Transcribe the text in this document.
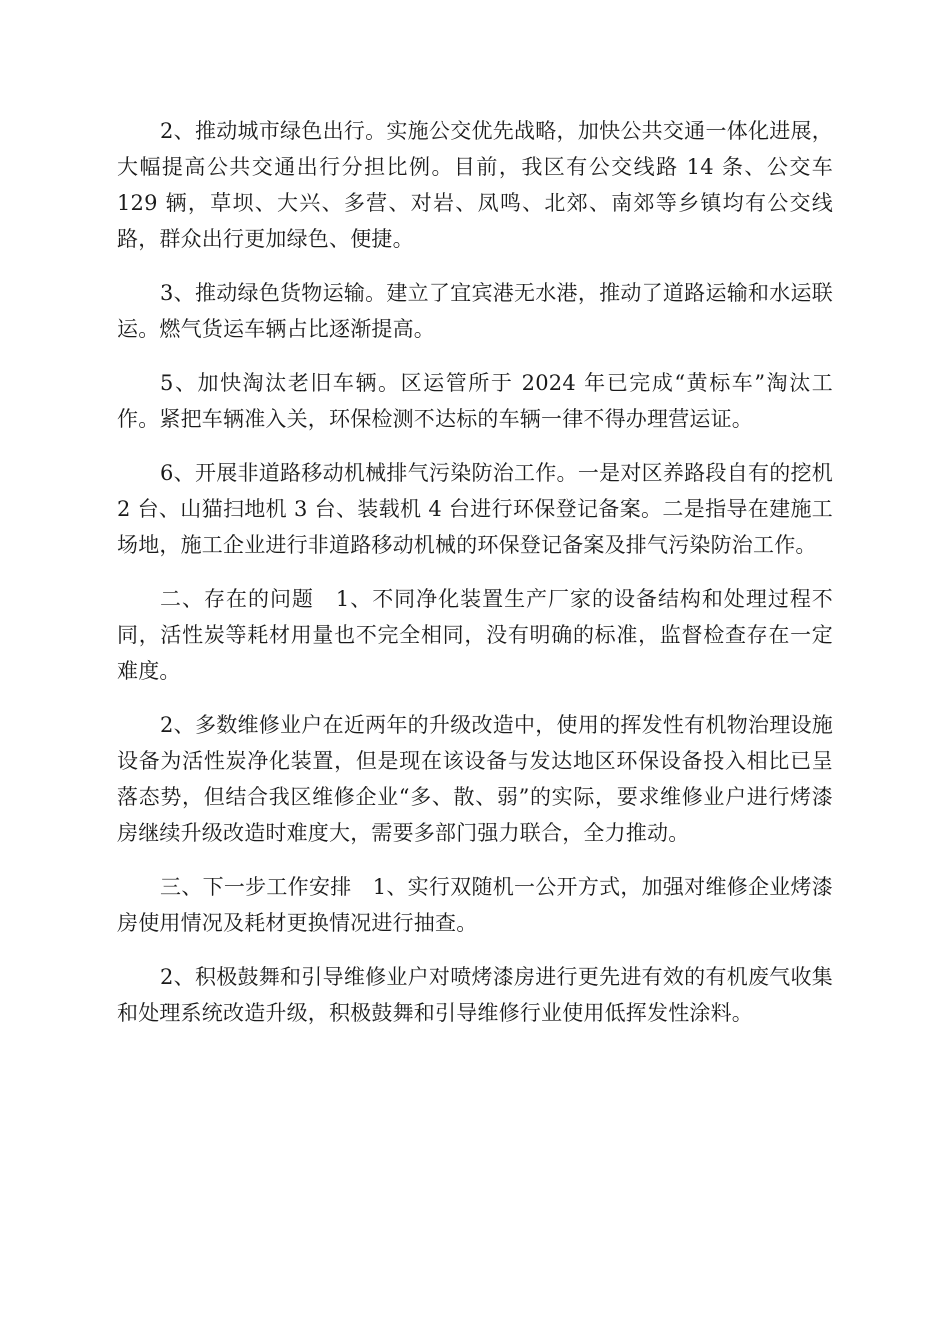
2、推动城市绿色出行。实施公交优先战略，加快公共交通一体化进展，大幅提高公共交通出行分担比例。目前，我区有公交线路 14 条、公交车 129 辆，草坝、大兴、多营、对岩、凤鸣、北郊、南郊等乡镇均有公交线路，群众出行更加绿色、便捷。

3、推动绿色货物运输。建立了宜宾港无水港，推动了道路运输和水运联运。燃气货运车辆占比逐渐提高。

5、加快淘汰老旧车辆。区运管所于 2024 年已完成“黄标车”淘汰工作。紧把车辆准入关，环保检测不达标的车辆一律不得办理营运证。

6、开展非道路移动机械排气污染防治工作。一是对区养路段自有的挖机 2 台、山猫扫地机 3 台、装载机 4 台进行环保登记备案。二是指导在建施工场地，施工企业进行非道路移动机械的环保登记备案及排气污染防治工作。

二、存在的问题　1、不同净化装置生产厂家的设备结构和处理过程不同，活性炭等耗材用量也不完全相同，没有明确的标准，监督检查存在一定难度。

2、多数维修业户在近两年的升级改造中，使用的挥发性有机物治理设施设备为活性炭净化装置，但是现在该设备与发达地区环保设备投入相比已呈落态势，但结合我区维修企业“多、散、弱”的实际，要求维修业户进行烤漆房继续升级改造时难度大，需要多部门强力联合，全力推动。

三、下一步工作安排　1、实行双随机一公开方式，加强对维修企业烤漆房使用情况及耗材更换情况进行抽查。

2、积极鼓舞和引导维修业户对喷烤漆房进行更先进有效的有机废气收集和处理系统改造升级，积极鼓舞和引导维修行业使用低挥发性涂料。
